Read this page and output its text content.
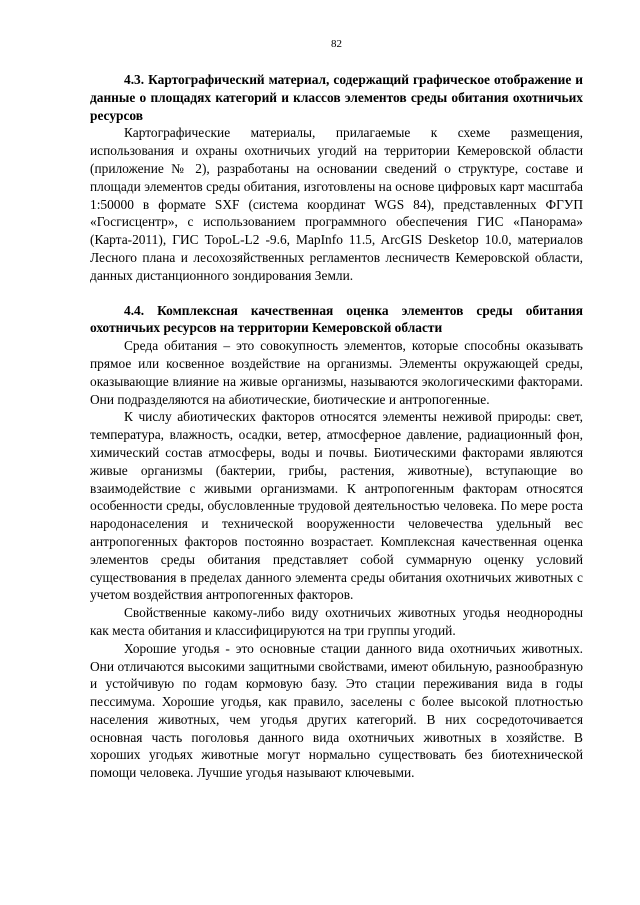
82

4.3. Картографический материал, содержащий графическое отображение и данные о площадях категорий и классов элементов среды обитания охотничьих ресурсов

Картографические материалы, прилагаемые к схеме размещения, использования и охраны охотничьих угодий на территории Кемеровской области (приложение № 2), разработаны на основании сведений о структуре, составе и площади элементов среды обитания, изготовлены на основе цифровых карт масштаба 1:50000 в формате SXF (система координат WGS 84), представленных ФГУП «Госгисцентр», с использованием программного обеспечения ГИС «Панорама» (Карта-2011), ГИС TopoL-L2 -9.6, MapInfo 11.5, ArcGIS Desketop 10.0, материалов Лесного плана и лесохозяйственных регламентов лесничеств Кемеровской области, данных дистанционного зондирования Земли.

4.4. Комплексная качественная оценка элементов среды обитания охотничьих ресурсов на территории Кемеровской области

Среда обитания – это совокупность элементов, которые способны оказывать прямое или косвенное воздействие на организмы. Элементы окружающей среды, оказывающие влияние на живые организмы, называются экологическими факторами. Они подразделяются на абиотические, биотические и антропогенные.

К числу абиотических факторов относятся элементы неживой природы: свет, температура, влажность, осадки, ветер, атмосферное давление, радиационный фон, химический состав атмосферы, воды и почвы. Биотическими факторами являются живые организмы (бактерии, грибы, растения, животные), вступающие во взаимодействие с живыми организмами. К антропогенным факторам относятся особенности среды, обусловленные трудовой деятельностью человека. По мере роста народонаселения и технической вооруженности человечества удельный вес антропогенных факторов постоянно возрастает. Комплексная качественная оценка элементов среды обитания представляет собой суммарную оценку условий существования в пределах данного элемента среды обитания охотничьих животных с учетом воздействия антропогенных факторов.

Свойственные какому-либо виду охотничьих животных угодья неоднородны как места обитания и классифицируются на три группы угодий.

Хорошие угодья - это основные стации данного вида охотничьих животных. Они отличаются высокими защитными свойствами, имеют обильную, разнообразную и устойчивую по годам кормовую базу. Это стации переживания вида в годы пессимума. Хорошие угодья, как правило, заселены с более высокой плотностью населения животных, чем угодья других категорий. В них сосредоточивается основная часть поголовья данного вида охотничьих животных в хозяйстве. В хороших угодьях животные могут нормально существовать без биотехнической помощи человека. Лучшие угодья называют ключевыми.
